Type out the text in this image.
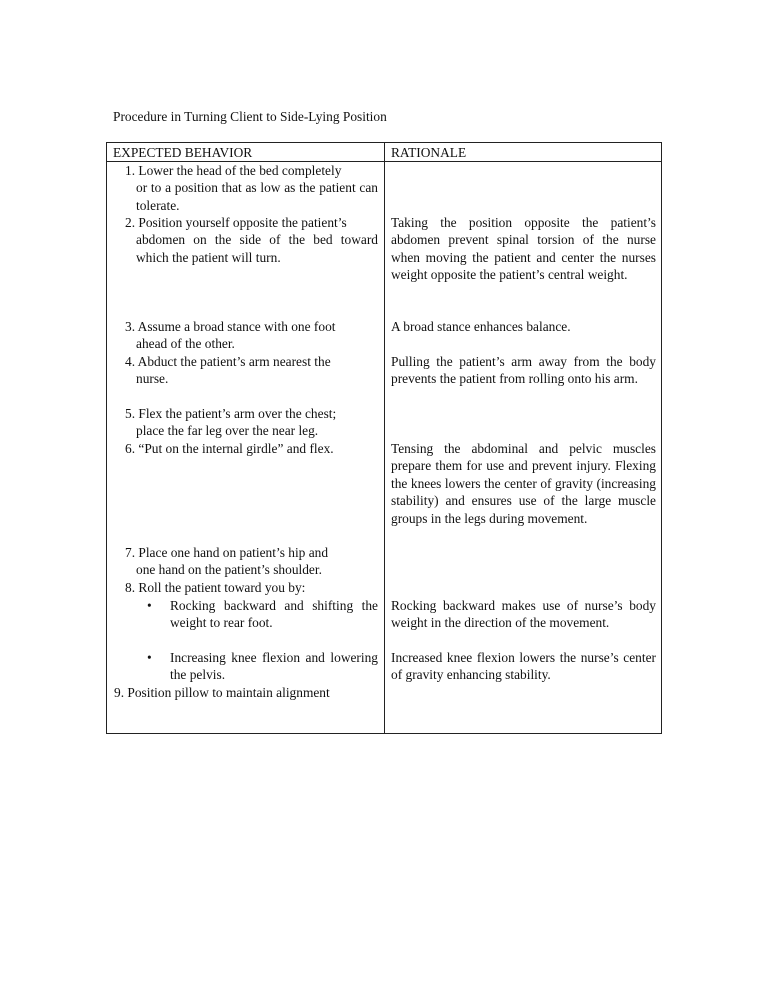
Procedure in Turning Client to Side-Lying Position
EXPECTED BEHAVIOR	RATIONALE
1. Lower the head of the bed completely
or to a position that as low as the patient can tolerate.
2. Position yourself opposite the patient’s
abdomen on the side of the bed toward which the patient will turn.
Taking the position opposite the patient’s abdomen prevent spinal torsion of the nurse when moving the patient and center the nurses weight opposite the patient’s central weight.
3. Assume a broad stance with one foot
ahead of the other.
A broad stance enhances balance.
4. Abduct the patient’s arm nearest the
nurse.
Pulling the patient’s arm away from the body prevents the patient from rolling onto his arm.
5. Flex the patient’s arm over the chest;
place the far leg over the near leg.
6. “Put on the internal girdle” and flex.	Tensing the abdominal and pelvic muscles prepare them for use and prevent injury. Flexing the knees lowers the center of gravity (increasing stability) and ensures use of the large muscle groups in the legs during movement.
7. Place one hand on patient’s hip and
one hand on the patient’s shoulder.
8. Roll the patient toward you by:
• Rocking backward and shifting the weight to rear foot.
Rocking backward makes use of nurse’s body weight in the direction of the movement.
• Increasing knee flexion and lowering the pelvis.
Increased knee flexion lowers the nurse’s center of gravity enhancing stability.
9. Position pillow to maintain alignment
